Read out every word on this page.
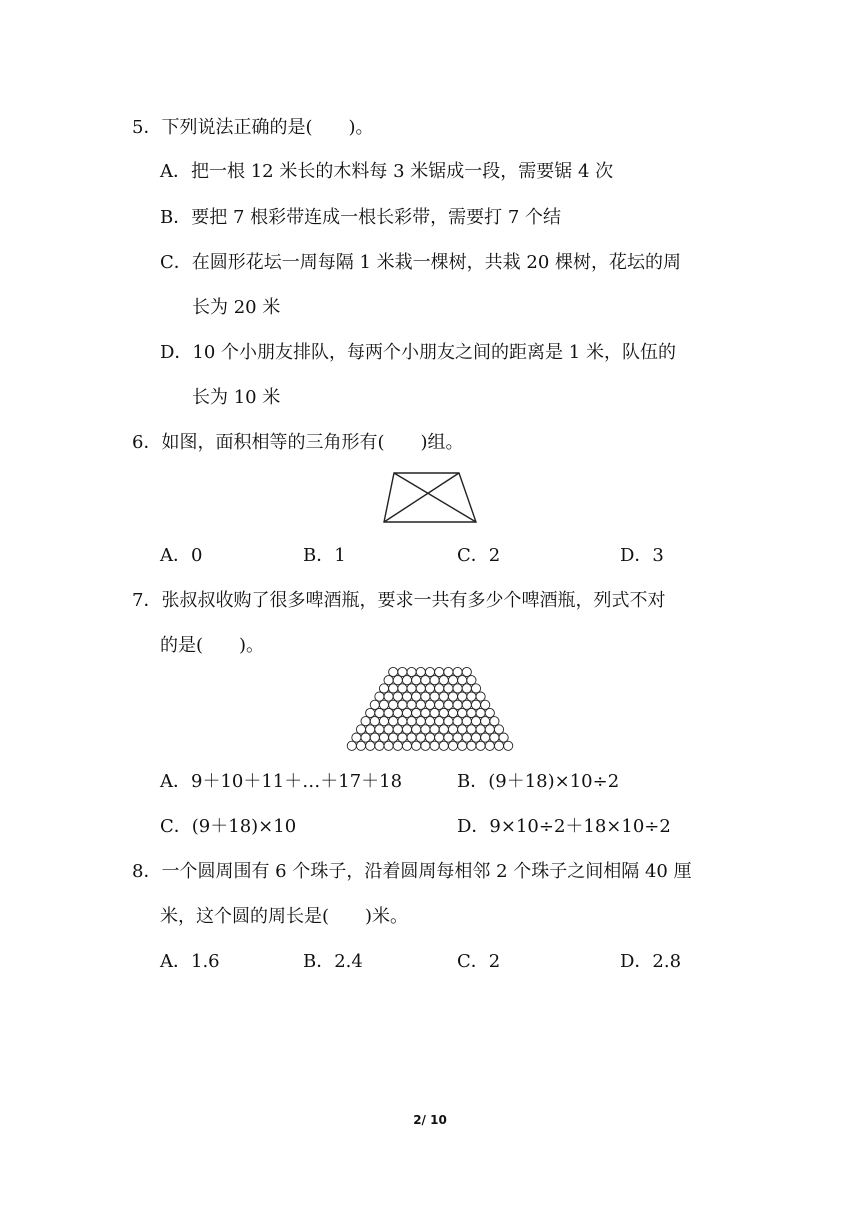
5．下列说法正确的是(　　)。
A．把一根 12 米长的木料每 3 米锯成一段，需要锯 4 次
B．要把 7 根彩带连成一根长彩带，需要打 7 个结
C．在圆形花坛一周每隔 1 米栽一棵树，共栽 20 棵树，花坛的周
长为 20 米
D．10 个小朋友排队，每两个小朋友之间的距离是 1 米，队伍的
长为 10 米
6．如图，面积相等的三角形有(　　)组。
A．0	B．1	C．2	D．3
7．张叔叔收购了很多啤酒瓶，要求一共有多少个啤酒瓶，列式不对
的是(　　)。
A．9＋10＋11＋…＋17＋18	B．(9＋18)×10÷2
C．(9＋18)×10	D．9×10÷2＋18×10÷2
8．一个圆周围有 6 个珠子，沿着圆周每相邻 2 个珠子之间相隔 40 厘
米，这个圆的周长是(　　)米。
A．1.6	B．2.4	C．2	D．2.8
2/ 10
